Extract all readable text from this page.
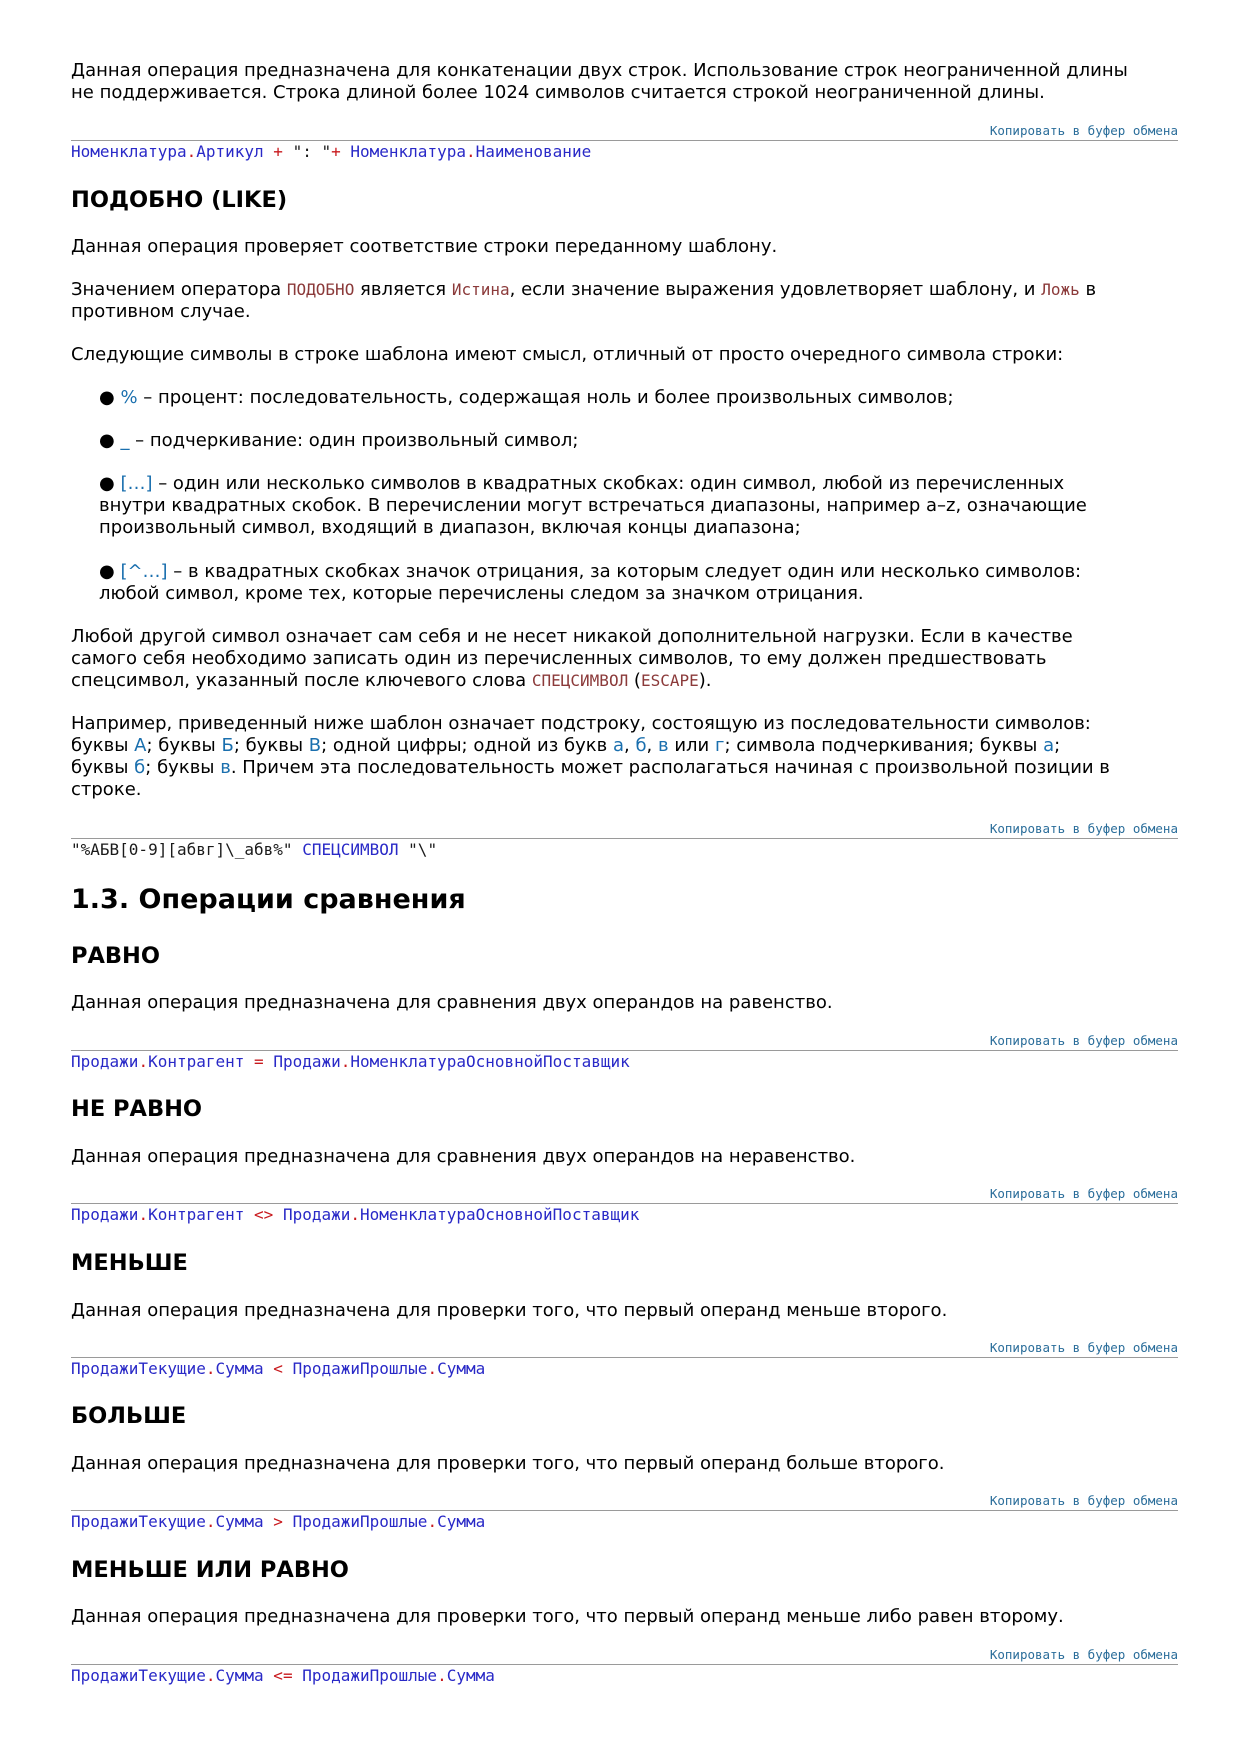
Данная операция предназначена для конкатенации двух строк. Использование строк неограниченной длины

не поддерживается. Строка длиной более 1024 символов считается строкой неограниченной длины.

Копировать в буфер обмена
Номенклатура.Артикул + ": "+ Номенклатура.Наименование
ПОДОБНО (LIKE)

Данная операция проверяет соответствие строки переданному шаблону.

Значением оператора ПОДОБНО является Истина, если значение выражения удовлетворяет шаблону, и Ложь в

противном случае.

Следующие символы в строке шаблона имеют смысл, отличный от просто очередного символа строки:

● % – процент: последовательность, содержащая ноль и более произвольных символов;

● _ – подчеркивание: один произвольный символ;

● […] – один или несколько символов в квадратных скобках: один символ, любой из перечисленных

внутри квадратных скобок. В перечислении могут встречаться диапазоны, например a–z, означающие

произвольный символ, входящий в диапазон, включая концы диапазона;

● [^…] – в квадратных скобках значок отрицания, за которым следует один или несколько символов:

любой символ, кроме тех, которые перечислены следом за значком отрицания.

Любой другой символ означает сам себя и не несет никакой дополнительной нагрузки. Если в качестве

самого себя необходимо записать один из перечисленных символов, то ему должен предшествовать

спецсимвол, указанный после ключевого слова СПЕЦСИМВОЛ (ESCAPE).

Например, приведенный ниже шаблон означает подстроку, состоящую из последовательности символов:

буквы А; буквы Б; буквы В; одной цифры; одной из букв а, б, в или г; символа подчеркивания; буквы а;

буквы б; буквы в. Причем эта последовательность может располагаться начиная с произвольной позиции в

строке.

Копировать в буфер обмена
"%АБВ[0-9][абвг]\_абв%" СПЕЦСИМВОЛ "\"
1.3. Операции сравнения
РАВНО

Данная операция предназначена для сравнения двух операндов на равенство.

Копировать в буфер обмена
Продажи.Контрагент = Продажи.НоменклатураОсновнойПоставщик
НЕ РАВНО

Данная операция предназначена для сравнения двух операндов на неравенство.

Копировать в буфер обмена
Продажи.Контрагент <> Продажи.НоменклатураОсновнойПоставщик
МЕНЬШЕ

Данная операция предназначена для проверки того, что первый операнд меньше второго.

Копировать в буфер обмена
ПродажиТекущие.Сумма < ПродажиПрошлые.Сумма
БОЛЬШЕ

Данная операция предназначена для проверки того, что первый операнд больше второго.

Копировать в буфер обмена
ПродажиТекущие.Сумма > ПродажиПрошлые.Сумма
МЕНЬШЕ ИЛИ РАВНО

Данная операция предназначена для проверки того, что первый операнд меньше либо равен второму.

Копировать в буфер обмена
ПродажиТекущие.Сумма <= ПродажиПрошлые.Сумма
